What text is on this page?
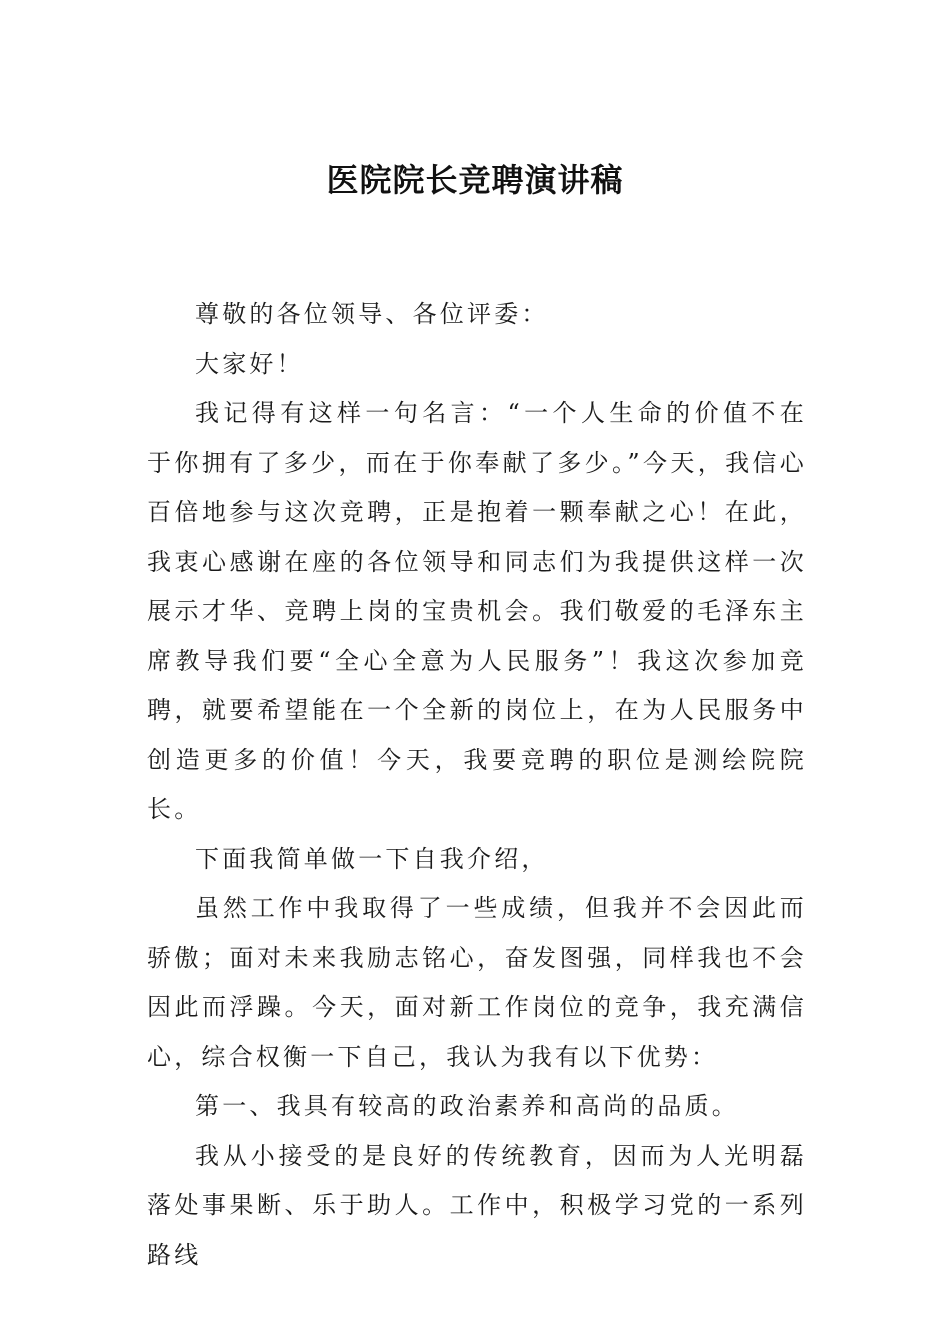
医院院长竞聘演讲稿

尊敬的各位领导、各位评委：

大家好！

我记得有这样一句名言：“一个人生命的价值不在于你拥有了多少，而在于你奉献了多少。”今天，我信心百倍地参与这次竞聘，正是抱着一颗奉献之心！在此，我衷心感谢在座的各位领导和同志们为我提供这样一次展示才华、竞聘上岗的宝贵机会。我们敬爱的毛泽东主席教导我们要“全心全意为人民服务”！我这次参加竞聘，就要希望能在一个全新的岗位上，在为人民服务中创造更多的价值！今天，我要竞聘的职位是测绘院院长。

下面我简单做一下自我介绍，

虽然工作中我取得了一些成绩，但我并不会因此而骄傲；面对未来我励志铭心，奋发图强，同样我也不会因此而浮躁。今天，面对新工作岗位的竞争，我充满信心，综合权衡一下自己，我认为我有以下优势：

第一、我具有较高的政治素养和高尚的品质。

我从小接受的是良好的传统教育，因而为人光明磊落处事果断、乐于助人。工作中，积极学习党的一系列路线
